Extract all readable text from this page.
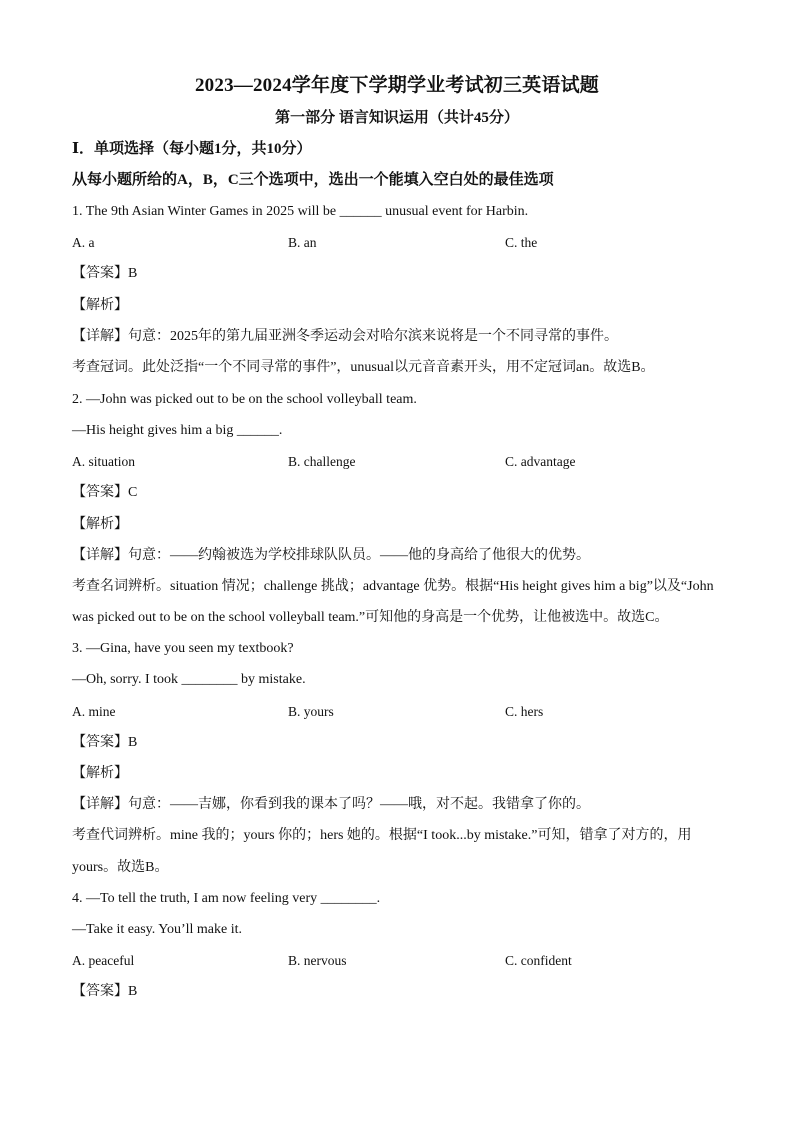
2023—2024学年度下学期学业考试初三英语试题
第一部分 语言知识运用（共计45分）
Ⅰ．单项选择（每小题1分，共10分）
从每小题所给的A，B，C三个选项中，选出一个能填入空白处的最佳选项
1. The 9th Asian Winter Games in 2025 will be ______ unusual event for Harbin.
A. a	B. an	C. the
【答案】B
【解析】
【详解】句意：2025年的第九届亚洲冬季运动会对哈尔滨来说将是一个不同寻常的事件。
考查冠词。此处泛指“一个不同寻常的事件”，unusual以元音音素开头，用不定冠词an。故选B。
2. —John was picked out to be on the school volleyball team.
—His height gives him a big ______.
A. situation	B. challenge	C. advantage
【答案】C
【解析】
【详解】句意：——约翰被选为学校排球队队员。——他的身高给了他很大的优势。
考查名词辨析。situation 情况；challenge 挑战；advantage 优势。根据“His height gives him a big”以及“John
was picked out to be on the school volleyball team.”可知他的身高是一个优势，让他被选中。故选C。
3. —Gina, have you seen my textbook?
—Oh, sorry. I took ________ by mistake.
A. mine	B. yours	C. hers
【答案】B
【解析】
【详解】句意：——吉娜，你看到我的课本了吗？——哦，对不起。我错拿了你的。
考查代词辨析。mine 我的；yours 你的；hers 她的。根据“I took...by mistake.”可知，错拿了对方的，用
yours。故选B。
4. —To tell the truth, I am now feeling very ________.
—Take it easy. You’ll make it.
A. peaceful	B. nervous	C. confident
【答案】B
